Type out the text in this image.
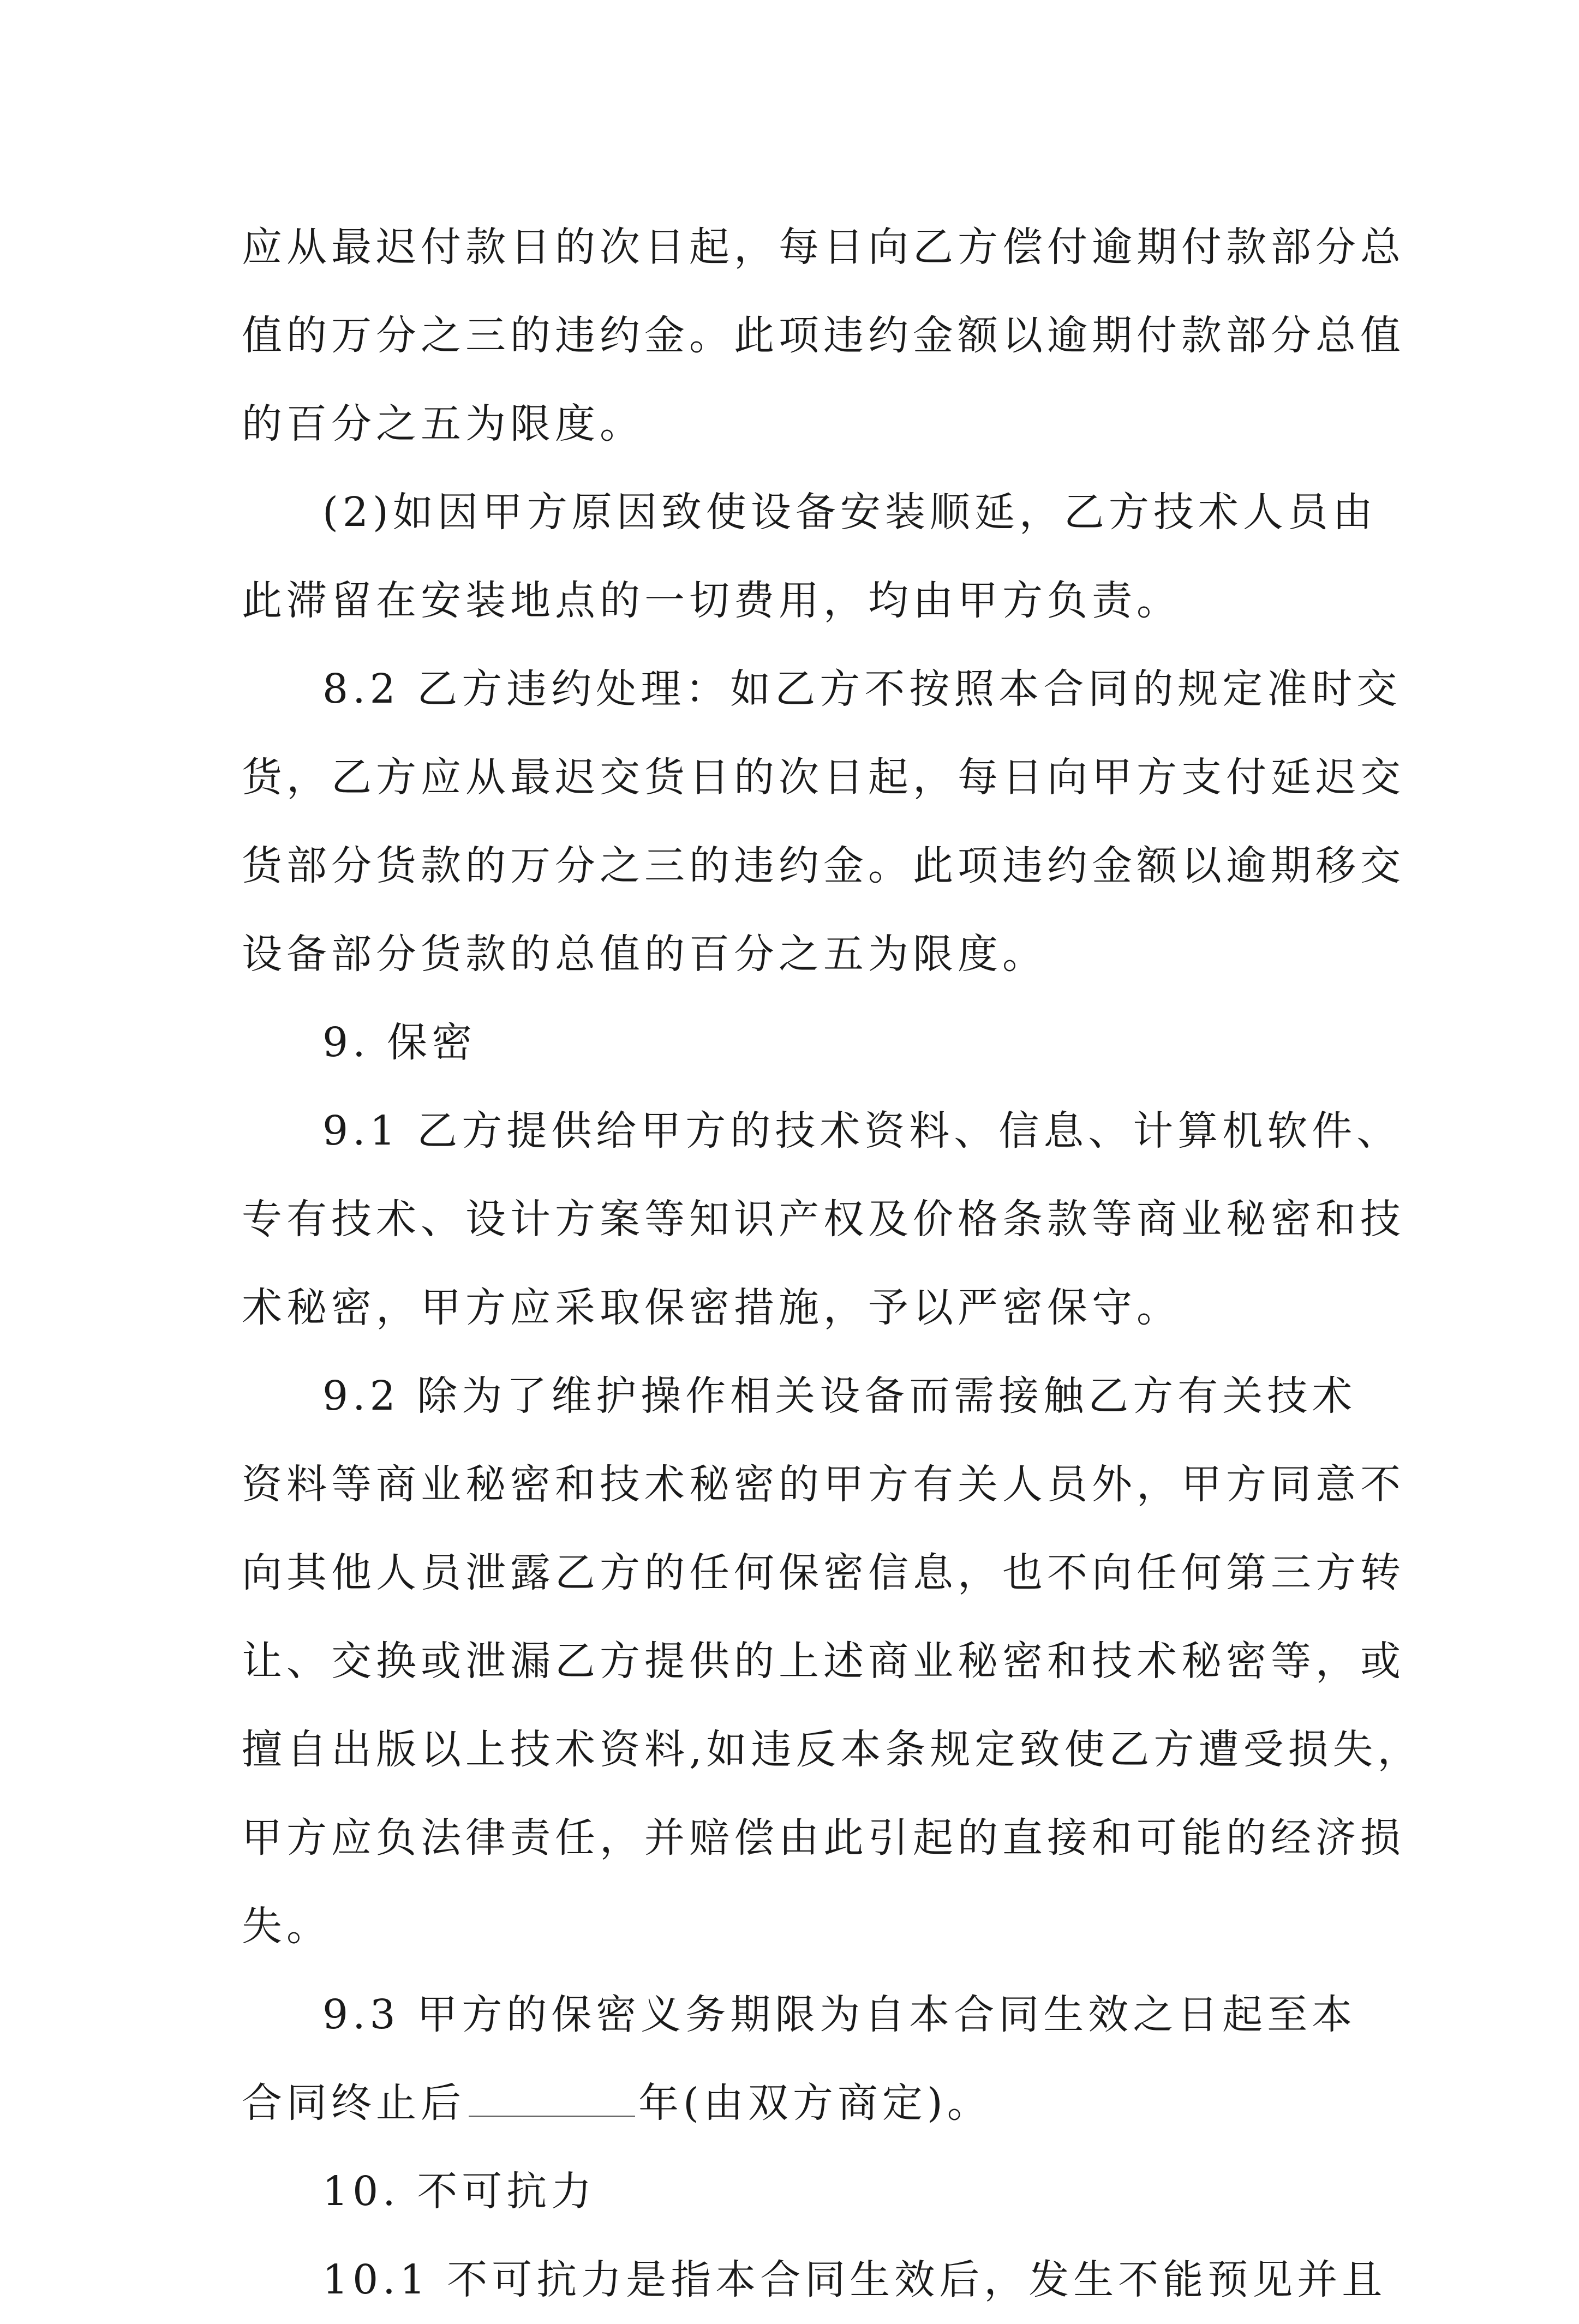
应从最迟付款日的次日起，每日向乙方偿付逾期付款部分总
值的万分之三的违约金。此项违约金额以逾期付款部分总值
的百分之五为限度。
(2)如因甲方原因致使设备安装顺延，乙方技术人员由
此滞留在安装地点的一切费用，均由甲方负责。
8.2 乙方违约处理：如乙方不按照本合同的规定准时交
货，乙方应从最迟交货日的次日起，每日向甲方支付延迟交
货部分货款的万分之三的违约金。此项违约金额以逾期移交
设备部分货款的总值的百分之五为限度。
9. 保密
9.1 乙方提供给甲方的技术资料、信息、计算机软件、
专有技术、设计方案等知识产权及价格条款等商业秘密和技
术秘密，甲方应采取保密措施，予以严密保守。
9.2 除为了维护操作相关设备而需接触乙方有关技术
资料等商业秘密和技术秘密的甲方有关人员外，甲方同意不
向其他人员泄露乙方的任何保密信息，也不向任何第三方转
让、交换或泄漏乙方提供的上述商业秘密和技术秘密等，或
擅自出版以上技术资料,如违反本条规定致使乙方遭受损失，
甲方应负法律责任，并赔偿由此引起的直接和可能的经济损
失。
9.3 甲方的保密义务期限为自本合同生效之日起至本
合同终止后	年(由双方商定)。
10. 不可抗力
10.1 不可抗力是指本合同生效后，发生不能预见并且
